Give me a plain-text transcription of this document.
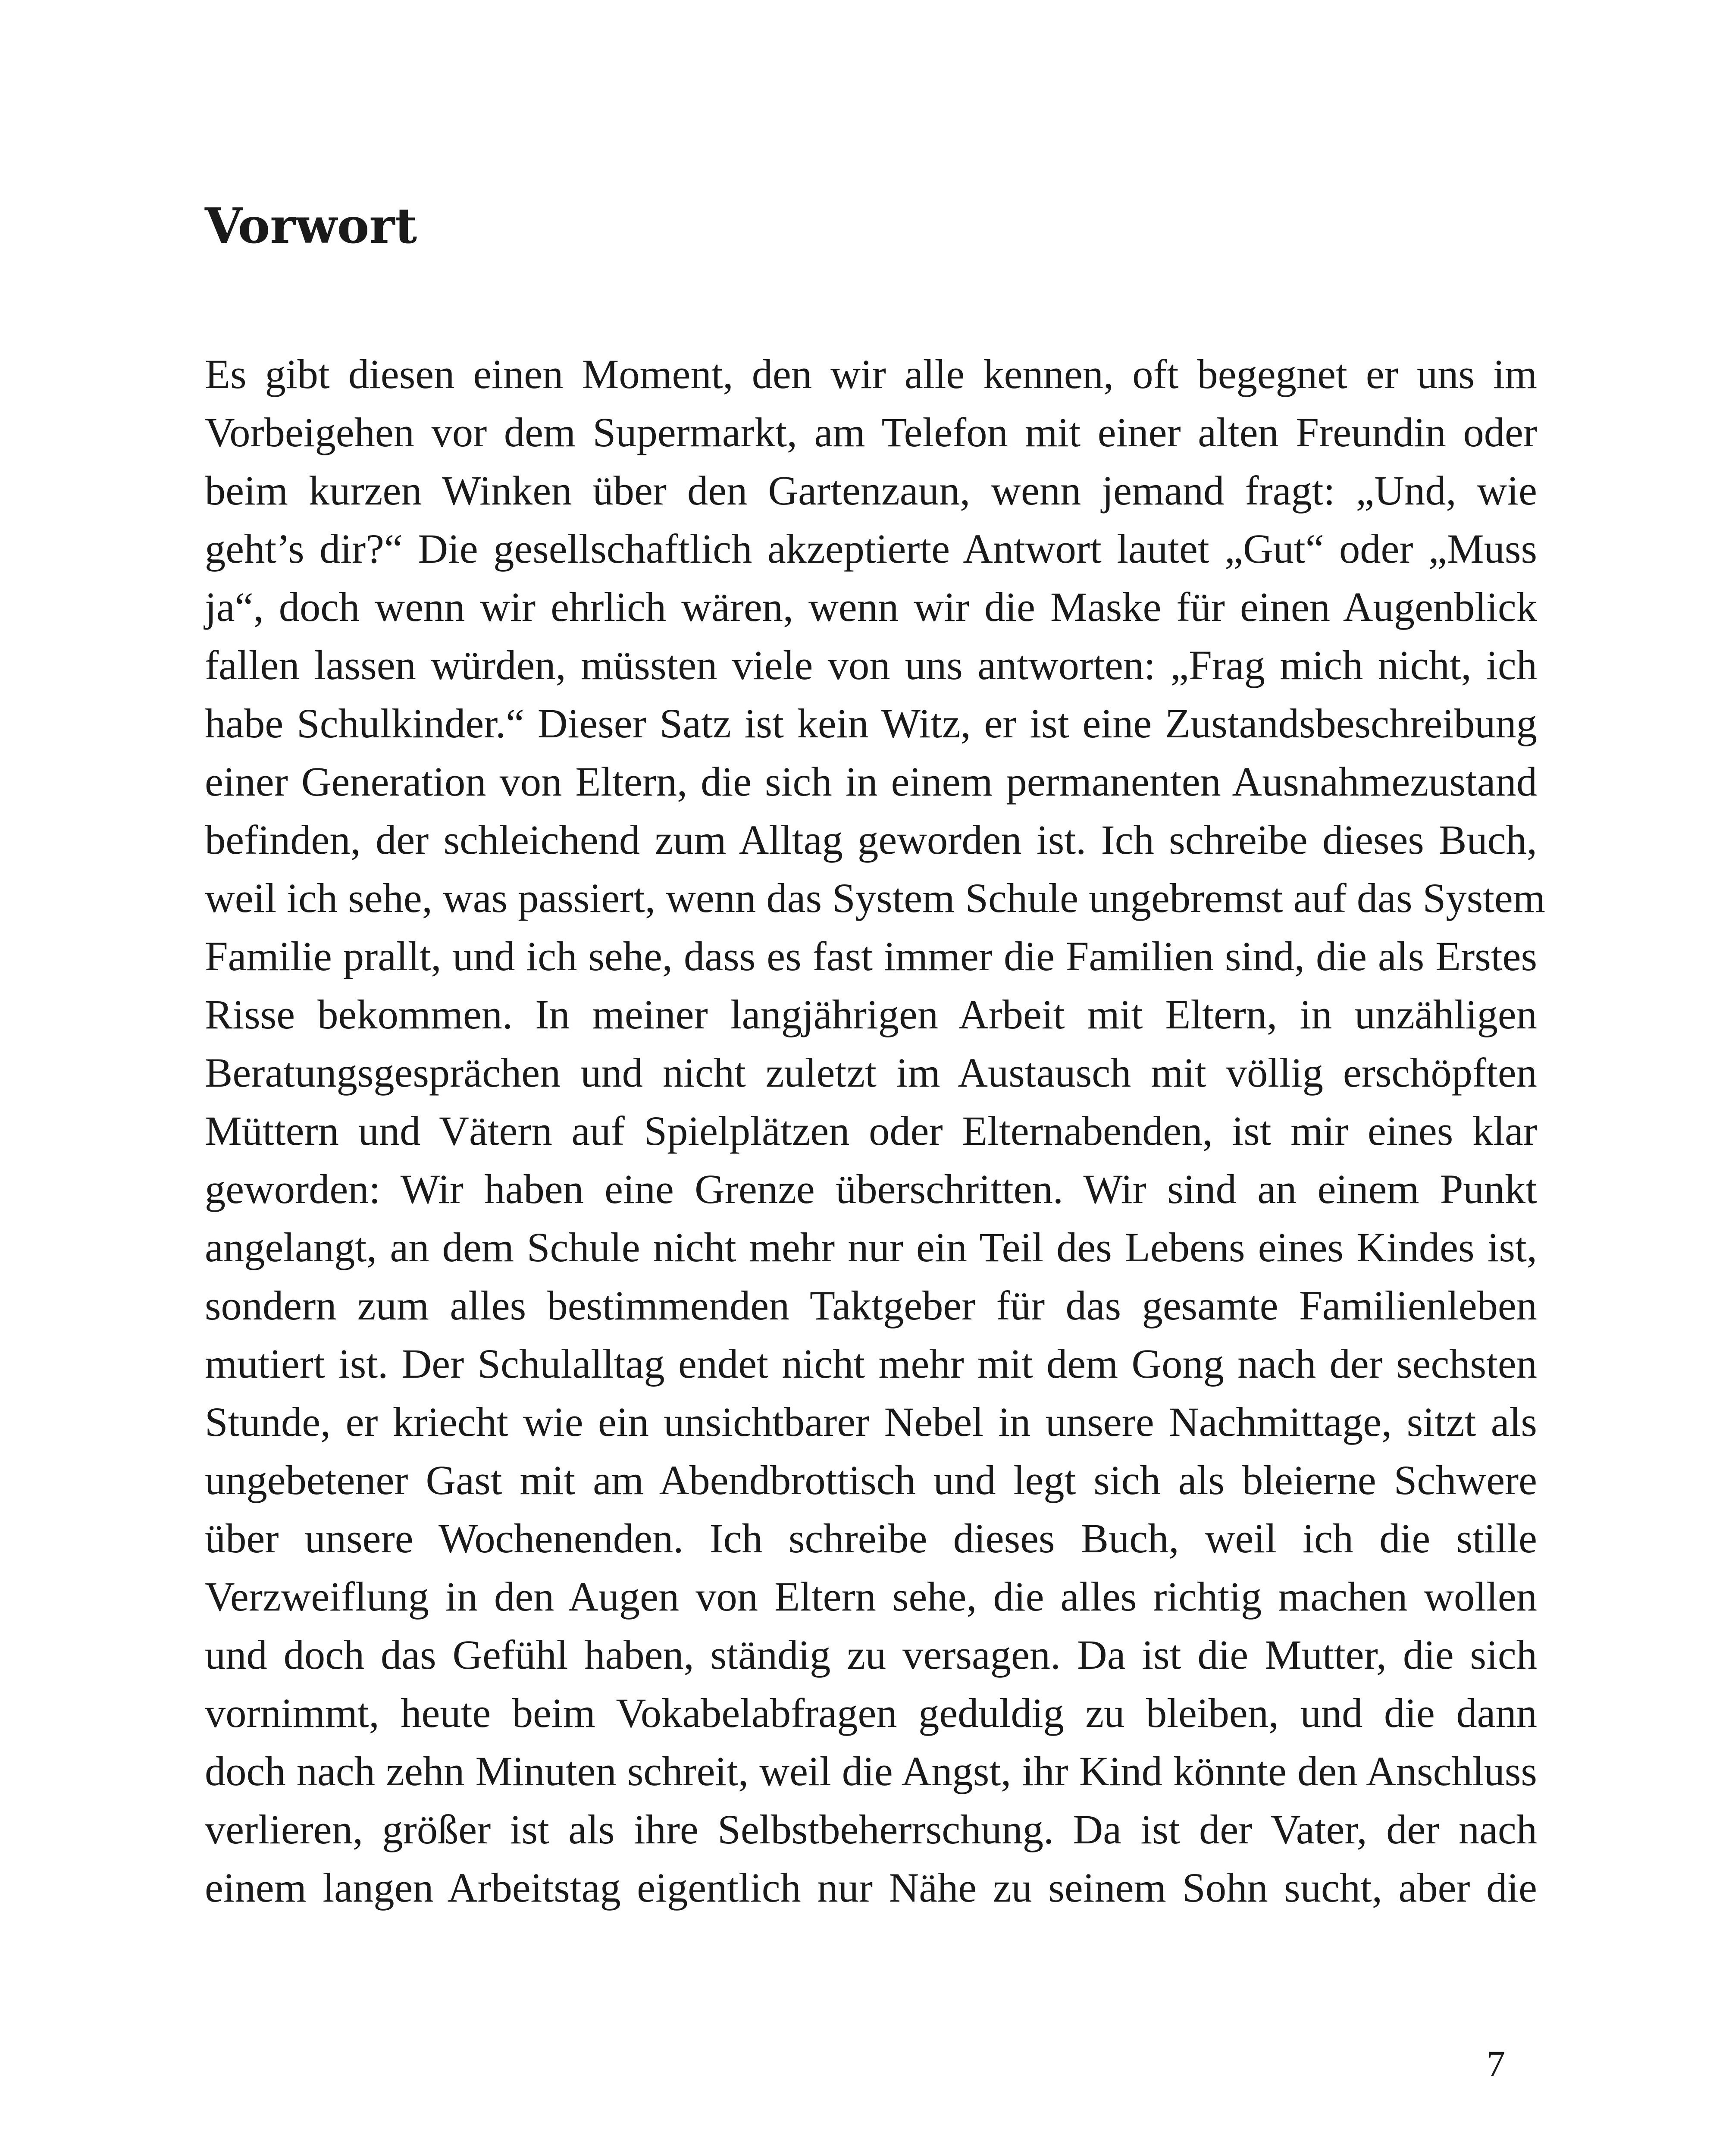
Vorwort
Es gibt diesen einen Moment, den wir alle kennen, oft begegnet er uns im
Vorbeigehen vor dem Supermarkt, am Telefon mit einer alten Freundin oder
beim kurzen Winken über den Gartenzaun, wenn jemand fragt: „Und, wie
geht’s dir?“ Die gesellschaftlich akzeptierte Antwort lautet „Gut“ oder „Muss
ja“, doch wenn wir ehrlich wären, wenn wir die Maske für einen Augenblick
fallen lassen würden, müssten viele von uns antworten: „Frag mich nicht, ich
habe Schulkinder.“ Dieser Satz ist kein Witz, er ist eine Zustandsbeschreibung
einer Generation von Eltern, die sich in einem permanenten Ausnahmezustand
befinden, der schleichend zum Alltag geworden ist. Ich schreibe dieses Buch,
weil ich sehe, was passiert, wenn das System Schule ungebremst auf das System
Familie prallt, und ich sehe, dass es fast immer die Familien sind, die als Erstes
Risse bekommen. In meiner langjährigen Arbeit mit Eltern, in unzähligen
Beratungsgesprächen und nicht zuletzt im Austausch mit völlig erschöpften
Müttern und Vätern auf Spielplätzen oder Elternabenden, ist mir eines klar
geworden: Wir haben eine Grenze überschritten. Wir sind an einem Punkt
angelangt, an dem Schule nicht mehr nur ein Teil des Lebens eines Kindes ist,
sondern zum alles bestimmenden Taktgeber für das gesamte Familienleben
mutiert ist. Der Schulalltag endet nicht mehr mit dem Gong nach der sechsten
Stunde, er kriecht wie ein unsichtbarer Nebel in unsere Nachmittage, sitzt als
ungebetener Gast mit am Abendbrottisch und legt sich als bleierne Schwere
über unsere Wochenenden. Ich schreibe dieses Buch, weil ich die stille
Verzweiflung in den Augen von Eltern sehe, die alles richtig machen wollen
und doch das Gefühl haben, ständig zu versagen. Da ist die Mutter, die sich
vornimmt, heute beim Vokabelabfragen geduldig zu bleiben, und die dann
doch nach zehn Minuten schreit, weil die Angst, ihr Kind könnte den Anschluss
verlieren, größer ist als ihre Selbstbeherrschung. Da ist der Vater, der nach
einem langen Arbeitstag eigentlich nur Nähe zu seinem Sohn sucht, aber die
7
